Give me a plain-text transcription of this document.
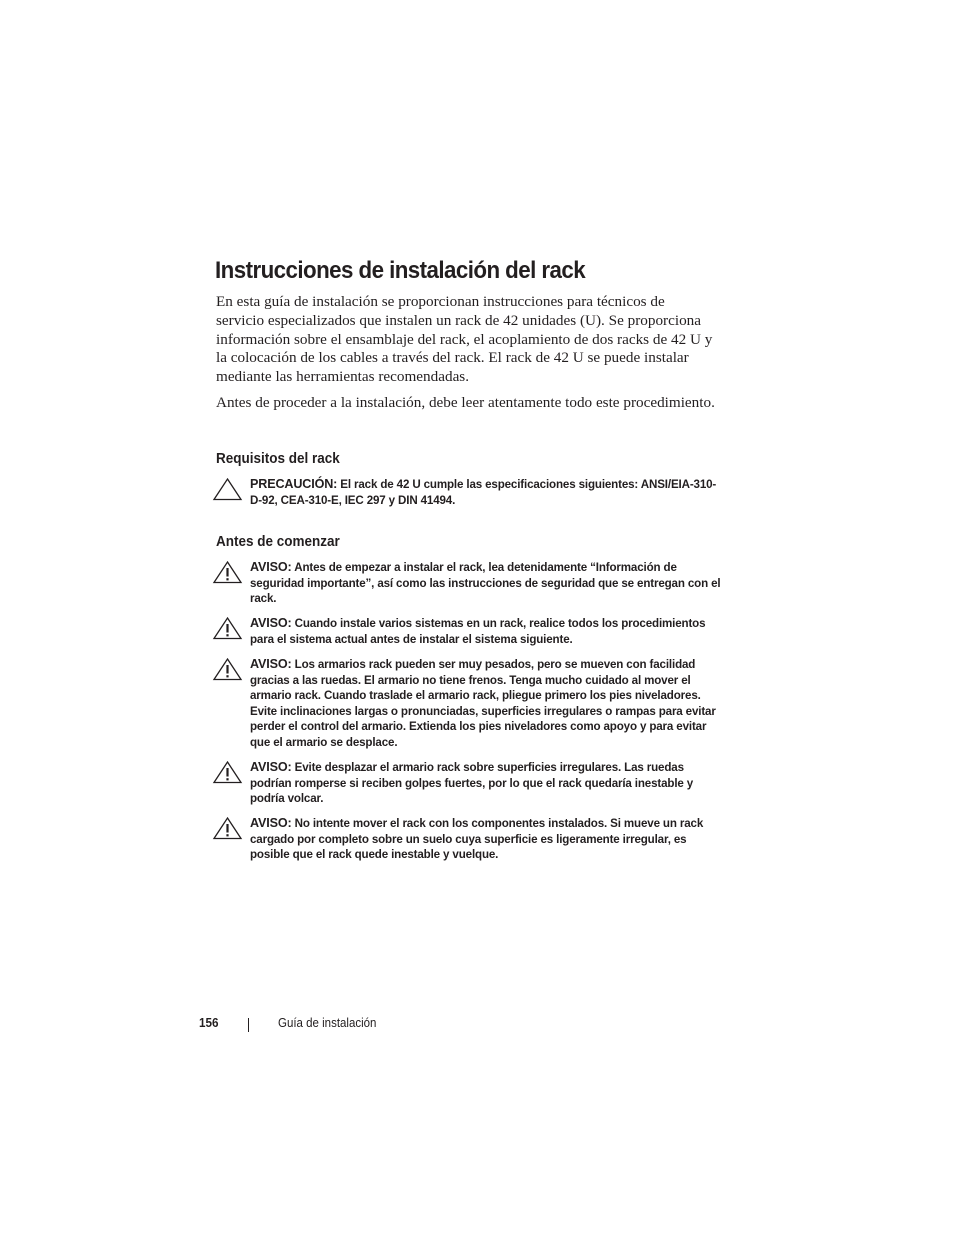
Instrucciones de instalación del rack

En esta guía de instalación se proporcionan instrucciones para técnicos de servicio especializados que instalen un rack de 42 unidades (U). Se proporciona información sobre el ensamblaje del rack, el acoplamiento de dos racks de 42 U y la colocación de los cables a través del rack. El rack de 42 U se puede instalar mediante las herramientas recomendadas.

Antes de proceder a la instalación, debe leer atentamente todo este procedimiento.

Requisitos del rack
PRECAUCIÓN: El rack de 42 U cumple las especificaciones siguientes: ANSI/EIA-310-D-92, CEA-310-E, IEC 297 y DIN 41494.
Antes de comenzar
AVISO: Antes de empezar a instalar el rack, lea detenidamente “Información de seguridad importante”, así como las instrucciones de seguridad que se entregan con el rack.
AVISO: Cuando instale varios sistemas en un rack, realice todos los procedimientos para el sistema actual antes de instalar el sistema siguiente.
AVISO: Los armarios rack pueden ser muy pesados, pero se mueven con facilidad gracias a las ruedas. El armario no tiene frenos. Tenga mucho cuidado al mover el armario rack. Cuando traslade el armario rack, pliegue primero los pies niveladores. Evite inclinaciones largas o pronunciadas, superficies irregulares o rampas para evitar perder el control del armario. Extienda los pies niveladores como apoyo y para evitar que el armario se desplace.
AVISO: Evite desplazar el armario rack sobre superficies irregulares. Las ruedas podrían romperse si reciben golpes fuertes, por lo que el rack quedaría inestable y podría volcar.
AVISO: No intente mover el rack con los componentes instalados. Si mueve un rack cargado por completo sobre un suelo cuya superficie es ligeramente irregular, es posible que el rack quede inestable y vuelque.
156	Guía de instalación
